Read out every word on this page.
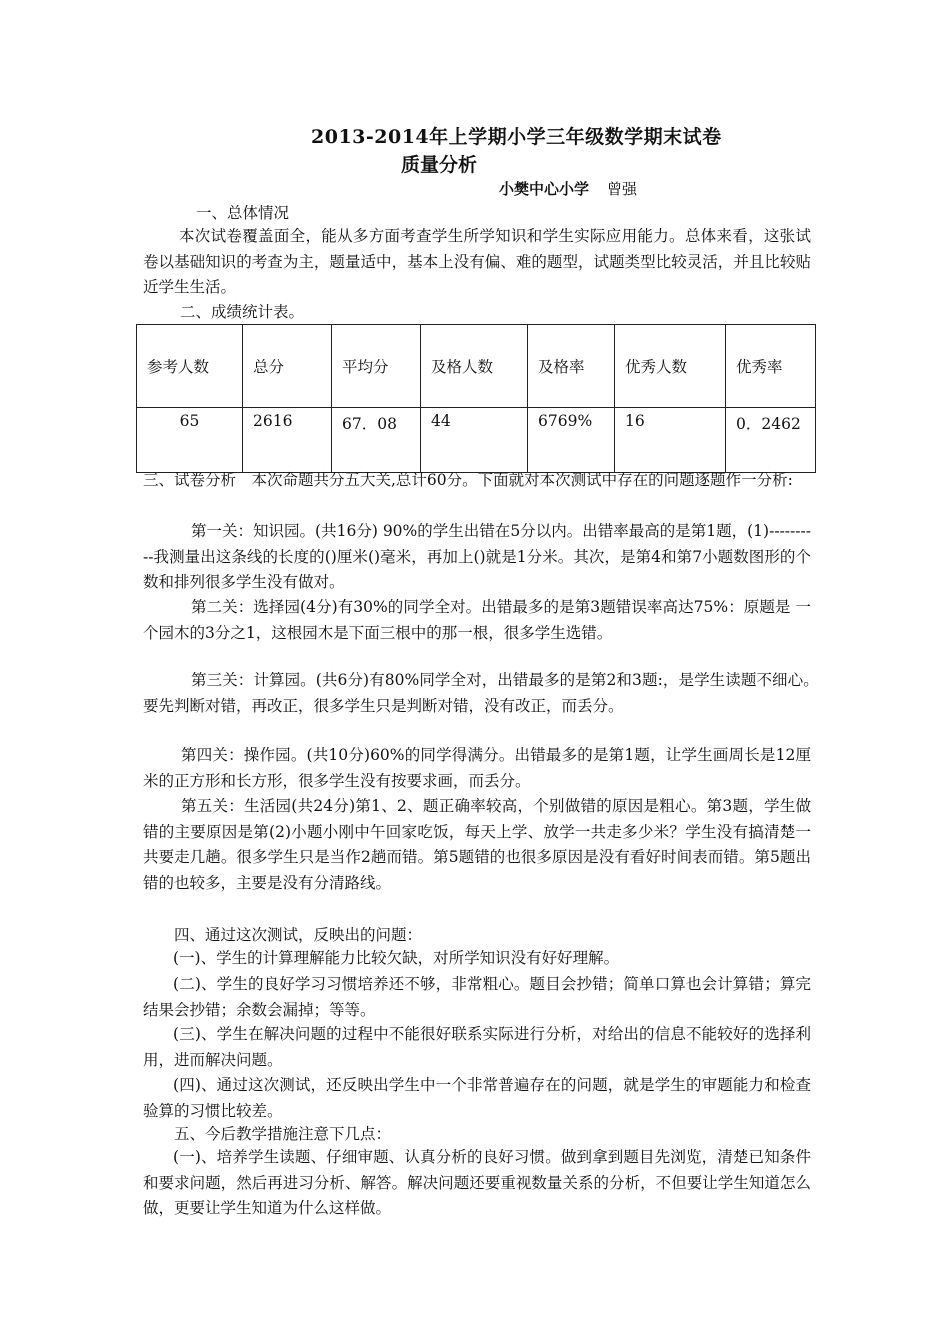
2013-2014年上学期小学三年级数学期末试卷
质量分析
小樊中心小学 曾强
一、总体情况
本次试卷覆盖面全，能从多方面考查学生所学知识和学生实际应用能力。总体来看，这张试卷以基础知识的考查为主，题量适中，基本上没有偏、难的题型，试题类型比较灵活，并且比较贴近学生生活。
二、成绩统计表。
参考人数	总分	平均分	及格人数	及格率	优秀人数	优秀率
65	2616	67．08	44	6769%	16	0．2462
三、试卷分析　本次命题共分五大关,总计60分。下面就对本次测试中存在的问题逐题作一分析:
第一关：知识园。(共16分) 90%的学生出错在5分以内。出错率最高的是第1题，(1)----------我测量出这条线的长度的()厘米()毫米，再加上()就是1分米。其次，是第4和第7小题数图形的个数和排列很多学生没有做对。
第二关：选择园(4分)有30%的同学全对。出错最多的是第3题错误率高达75%：原题是 一个园木的3分之1，这根园木是下面三根中的那一根，很多学生选错。
第三关：计算园。(共6分)有80%同学全对，出错最多的是第2和3题:，是学生读题不细心。　要先判断对错，再改正，很多学生只是判断对错，没有改正，而丢分。
第四关：操作园。(共10分)60%的同学得满分。出错最多的是第1题，让学生画周长是12厘米的正方形和长方形，很多学生没有按要求画，而丢分。
第五关：生活园(共24分)第1、2、题正确率较高，个别做错的原因是粗心。第3题，学生做错的主要原因是第(2)小题小刚中午回家吃饭，每天上学、放学一共走多少米？学生没有搞清楚一共要走几趟。很多学生只是当作2趟而错。第5题错的也很多原因是没有看好时间表而错。第5题出错的也较多，主要是没有分清路线。
四、通过这次测试，反映出的问题：
(一)、学生的计算理解能力比较欠缺，对所学知识没有好好理解。
(二)、学生的良好学习习惯培养还不够，非常粗心。题目会抄错；简单口算也会计算错；算完结果会抄错；余数会漏掉；等等。
(三)、学生在解决问题的过程中不能很好联系实际进行分析，对给出的信息不能较好的选择利用，进而解决问题。
(四)、通过这次测试，还反映出学生中一个非常普遍存在的问题，就是学生的审题能力和检查验算的习惯比较差。
五、今后教学措施注意下几点：
(一)、培养学生读题、仔细审题、认真分析的良好习惯。做到拿到题目先浏览，清楚已知条件和要求问题，然后再进习分析、解答。解决问题还要重视数量关系的分析，不但要让学生知道怎么做，更要让学生知道为什么这样做。
